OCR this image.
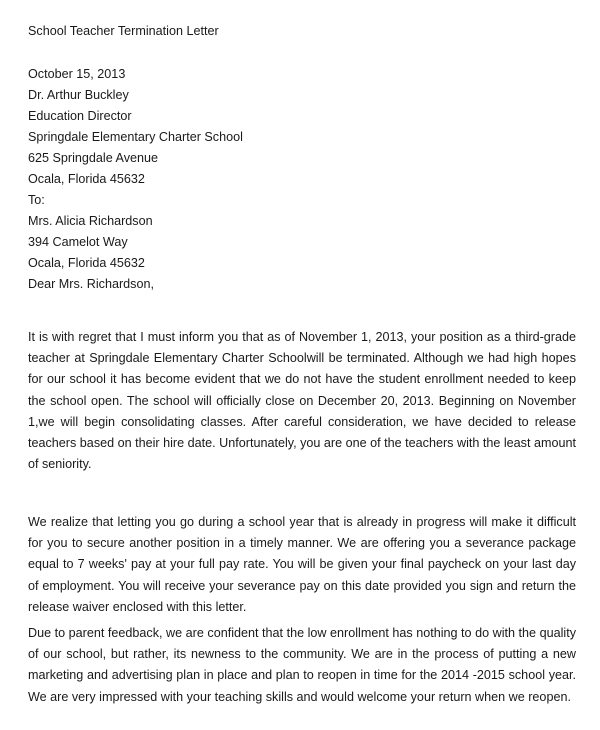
School Teacher Termination Letter
October 15, 2013
Dr. Arthur Buckley
Education Director
Springdale Elementary Charter School
625 Springdale Avenue
Ocala, Florida 45632
To:
Mrs. Alicia Richardson
394 Camelot Way
Ocala, Florida 45632
Dear Mrs. Richardson,

It is with regret that I must inform you that as of November 1, 2013, your position as a third-grade teacher at Springdale Elementary Charter Schoolwill be terminated. Although we had high hopes for our school it has become evident that we do not have the student enrollment needed to keep the school open. The school will officially close on December 20, 2013. Beginning on November 1,we will begin consolidating classes. After careful consideration, we have decided to release teachers based on their hire date. Unfortunately, you are one of the teachers with the least amount of seniority.

We realize that letting you go during a school year that is already in progress will make it difficult for you to secure another position in a timely manner. We are offering you a severance package equal to 7 weeks' pay at your full pay rate. You will be given your final paycheck on your last day of employment. You will receive your severance pay on this date provided you sign and return the release waiver enclosed with this letter.

Due to parent feedback, we are confident that the low enrollment has nothing to do with the quality of our school, but rather, its newness to the community. We are in the process of putting a new marketing and advertising plan in place and plan to reopen in time for the 2014 -2015 school year. We are very impressed with your teaching skills and would welcome your return when we reopen.
